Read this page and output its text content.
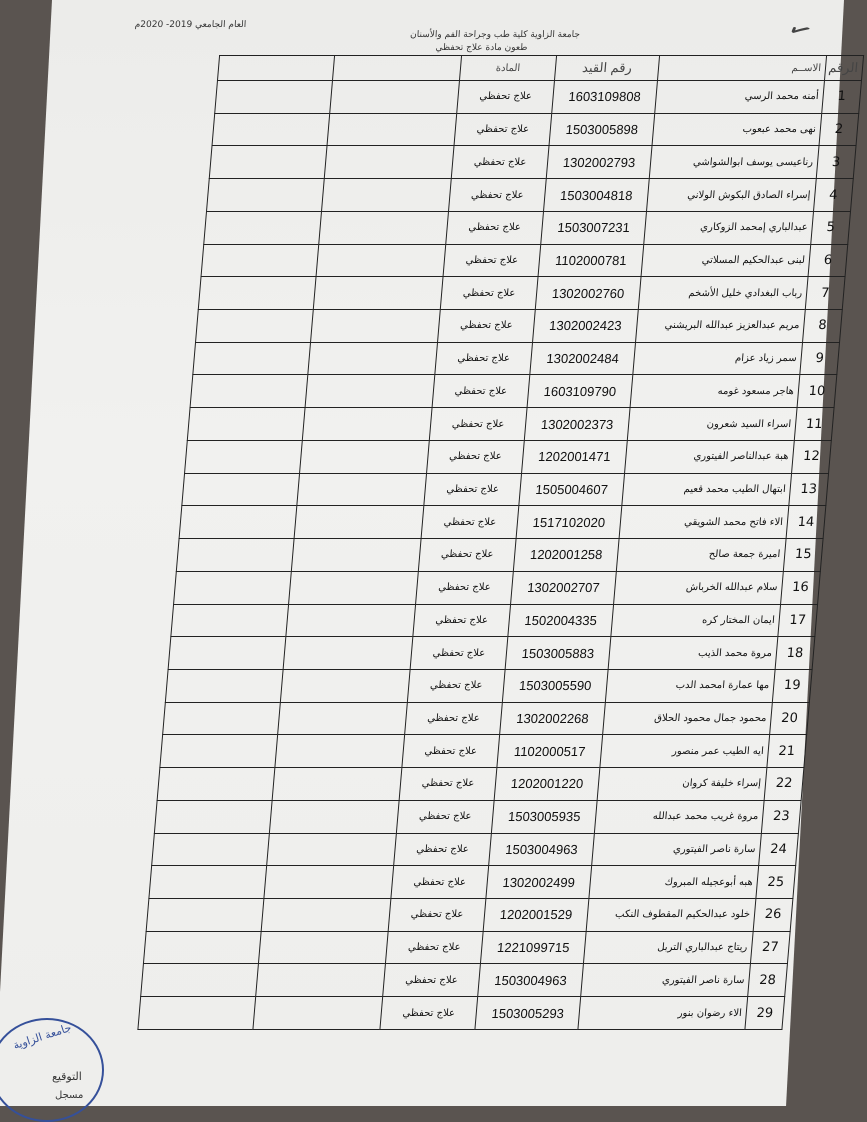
العام الجامعي 2019- 2020م
جامعة الزاوية كلية طب وجراحة الفم والأسنان
طعون مادة علاج تحفظي	✓
الرقم	الاســم	رقم القيد	المادة		
1	أمنه محمد الرسي	1603109808	علاج تحفظي		
2	نهى محمد عبعوب	1503005898	علاج تحفظي		
3	رناعيسى يوسف ابوالشواشي	1302002793	علاج تحفظي		
4	إسراء الصادق البكوش الولاني	1503004818	علاج تحفظي		
5	عبدالباري إمحمد الزوكاري	1503007231	علاج تحفظي		
6	لبنى عبدالحكيم المسلاتي	1102000781	علاج تحفظي		
7	رباب البغدادي خليل الأشخم	1302002760	علاج تحفظي		
8	مريم عبدالعزيز عبدالله البريشني	1302002423	علاج تحفظي		
9	سمر زياد عزام	1302002484	علاج تحفظي		
10	هاجر مسعود غومه	1603109790	علاج تحفظي		
11	اسراء السيد شعرون	1302002373	علاج تحفظي		
12	هبة عبدالناصر الفيتوري	1202001471	علاج تحفظي		
13	ابتهال الطيب محمد قعيم	1505004607	علاج تحفظي		
14	الاء فاتح محمد الشويقي	1517102020	علاج تحفظي		
15	اميرة جمعة صالح	1202001258	علاج تحفظي		
16	سلام عبدالله الخرباش	1302002707	علاج تحفظي		
17	ايمان المختار كره	1502004335	علاج تحفظي		
18	مروة محمد الذيب	1503005883	علاج تحفظي		
19	مها عمارة امحمد الدب	1503005590	علاج تحفظي		
20	محمود جمال محمود الحلاق	1302002268	علاج تحفظي		
21	ايه الطيب عمر منصور	1102000517	علاج تحفظي		
22	إسراء خليفة كروان	1202001220	علاج تحفظي		
23	مروة غريب محمد عبدالله	1503005935	علاج تحفظي		
24	سارة ناصر الفيتوري	1503004963	علاج تحفظي		
25	هبه أبوعجيله المبروك	1302002499	علاج تحفظي		
26	خلود عبدالحكيم المقطوف النكب	1202001529	علاج تحفظي		
27	ريتاج عبدالباري التربل	1221099715	علاج تحفظي		
28	سارة ناصر الفيتوري	1503004963	علاج تحفظي		
29	الاء رضوان بنور	1503005293	علاج تحفظي		
جامعة الزاوية
التوقيع
مسجل
